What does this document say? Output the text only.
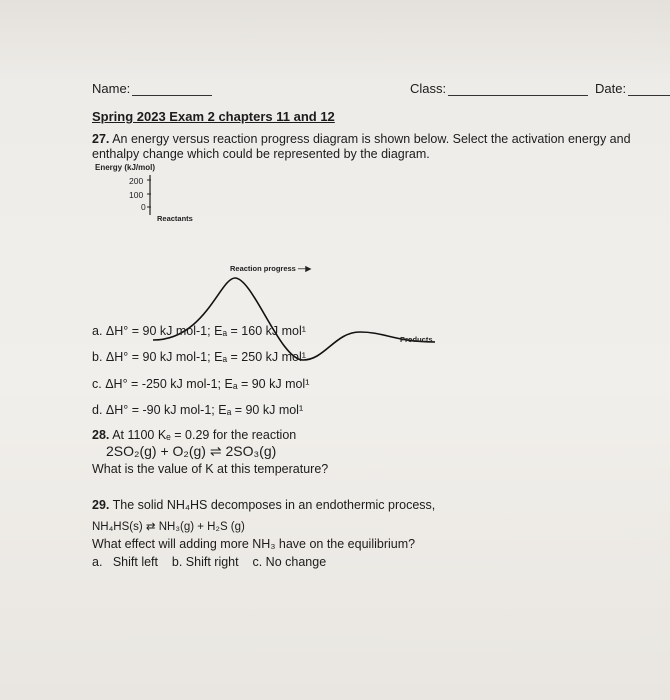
Name:	Class:	Date:
Spring 2023 Exam 2 chapters 11 and 12
27. An energy versus reaction progress diagram is shown below. Select the activation energy and
enthalpy change which could be represented by the diagram.
Energy (kJ/mol)
200
100
0
Reactants
Reaction progress —▶
Products
a. ΔH° = 90 kJ mol-1; Eₐ = 160 kJ mol¹
b. ΔH° = 90 kJ mol-1; Eₐ = 250 kJ mol¹
c. ΔH° = -250 kJ mol-1; Eₐ = 90 kJ mol¹
d. ΔH° = -90 kJ mol-1; Eₐ = 90 kJ mol¹
28. At 1100 Kₑ = 0.29 for the reaction
2SO₂(g) + O₂(g) ⇌ 2SO₃(g)
What is the value of K at this temperature?
29. The solid NH₄HS decomposes in an endothermic process,
NH₄HS(s) ⇄ NH₃(g) + H₂S (g)
What effect will adding more NH₃ have on the equilibrium?
a.   Shift left    b. Shift right    c. No change
